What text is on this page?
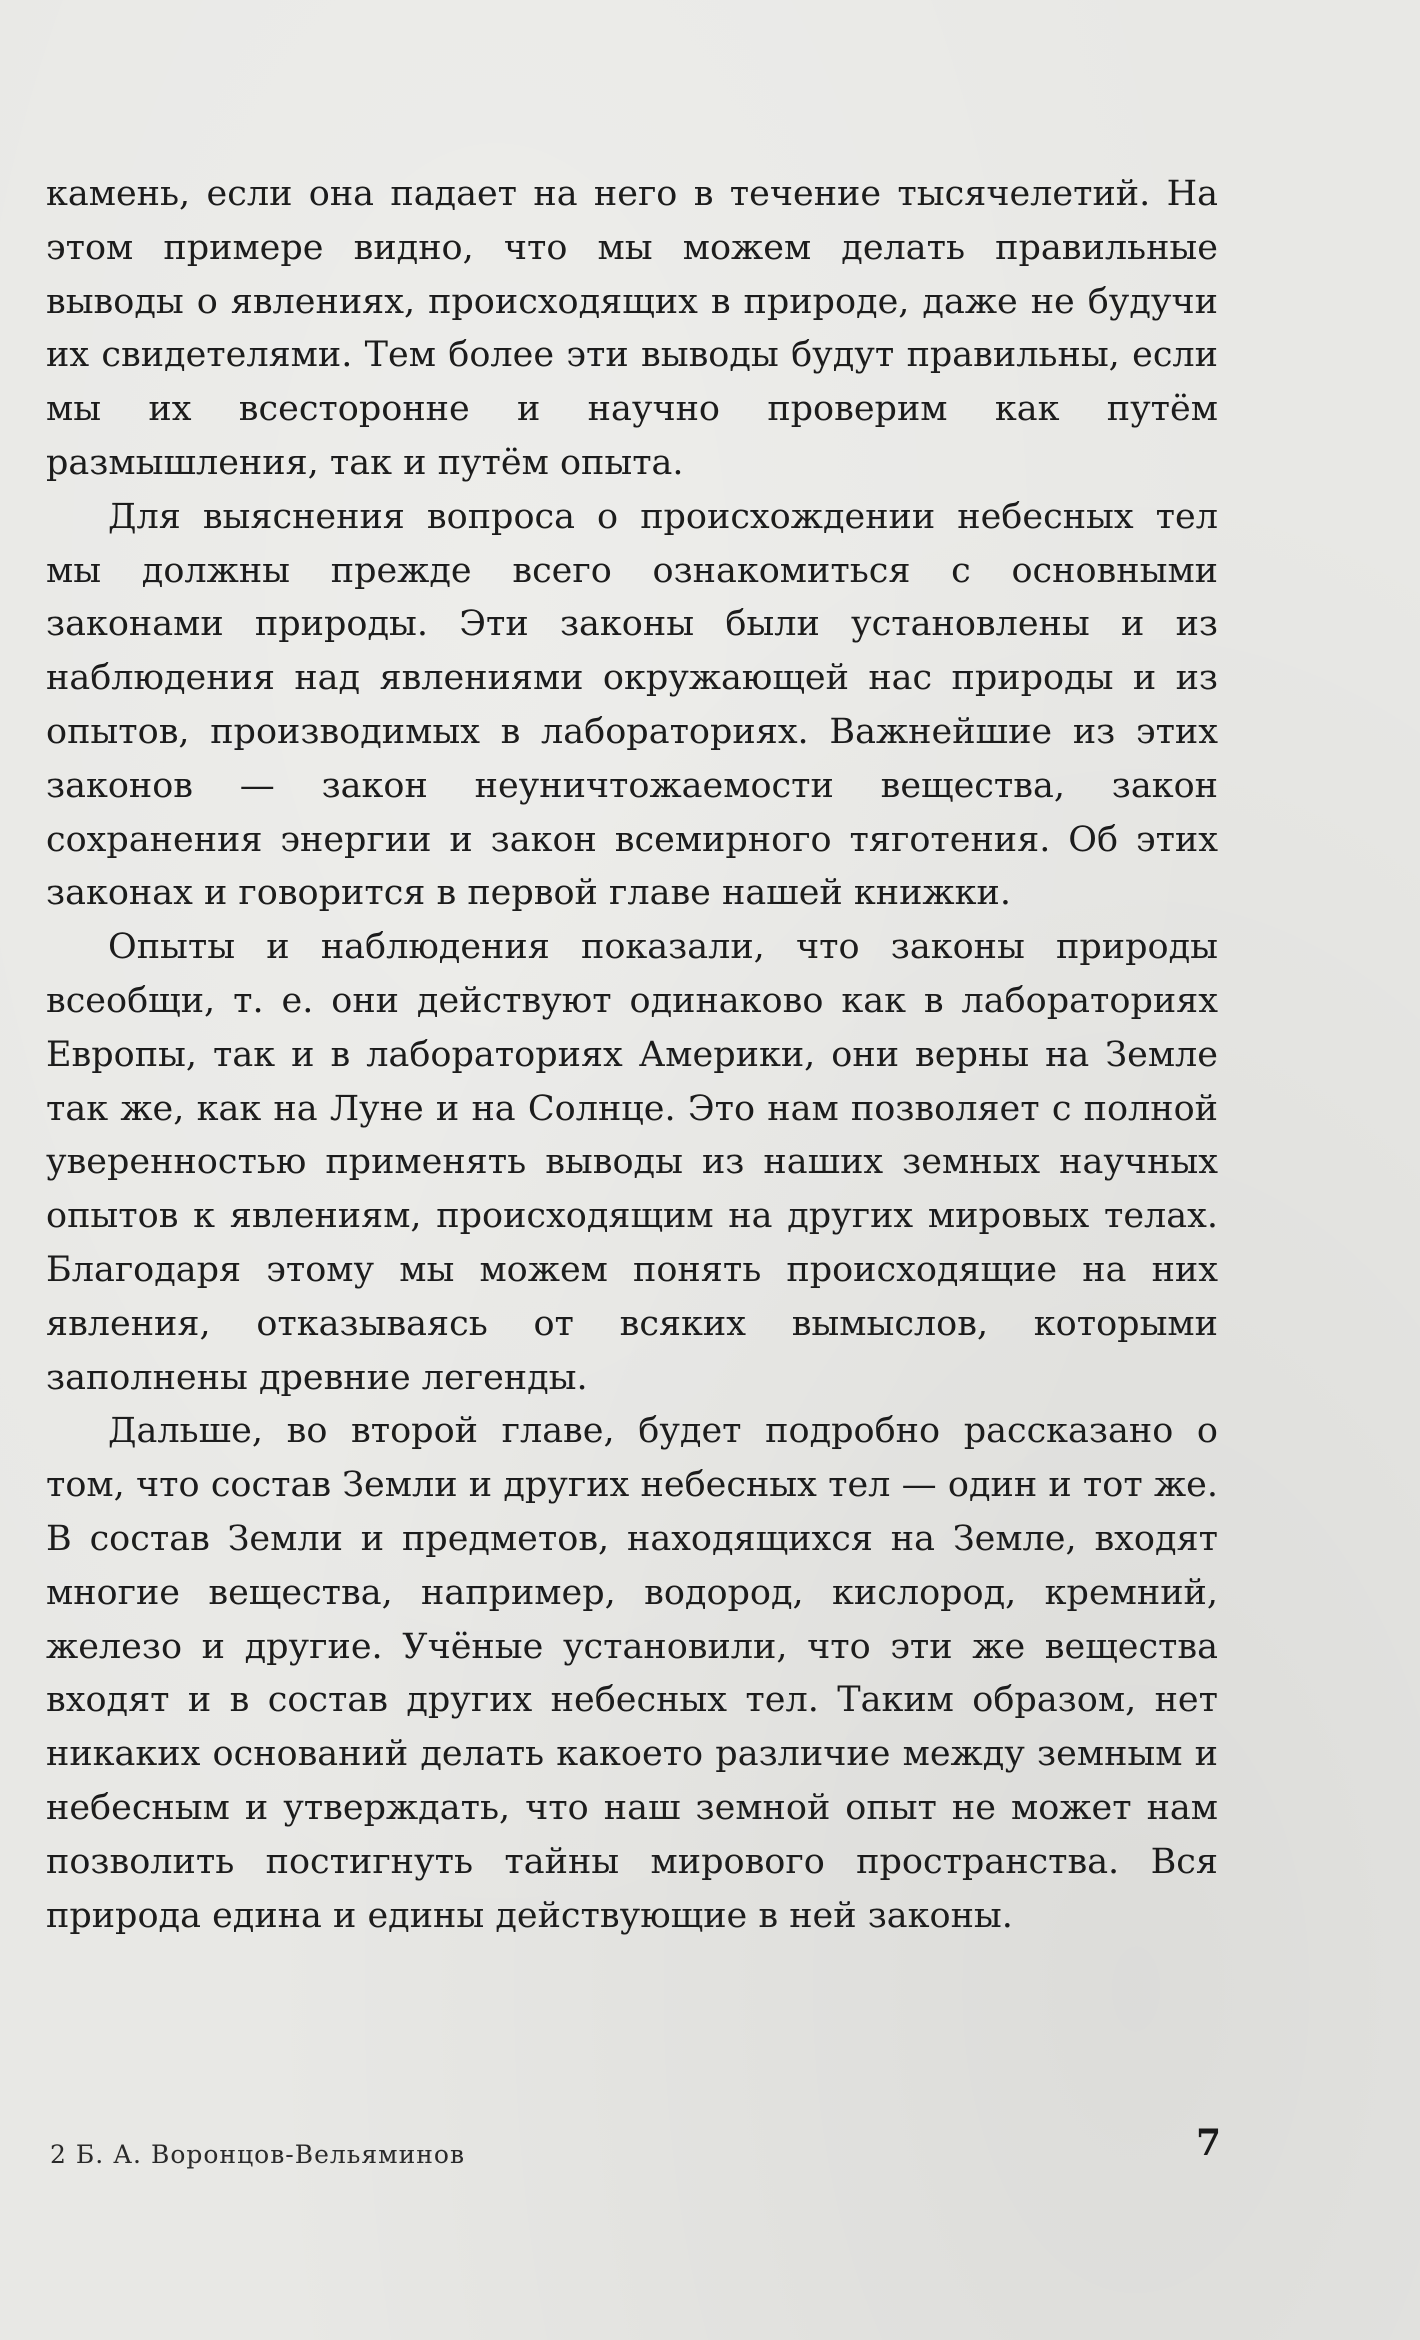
камень, если она падает на него в течение тысячелетий. На этом примере видно, что мы можем делать правильные выводы о явлениях, происходящих в природе, даже не будучи их свидетелями. Тем более эти выводы будут правильны, если мы их всесторонне и научно проверим как путём размышления, так и путём опыта.

Для выяснения вопроса о происхождении небесных тел мы должны прежде всего ознакомиться с основными законами природы. Эти законы были установлены и из наблюдения над явлениями окружающей нас природы и из опытов, производимых в лабораториях. Важнейшие из этих законов — закон неуничтожаемости вещества, закон сохранения энергии и закон всемирного тяготения. Об этих законах и говорится в первой главе нашей книжки.

Опыты и наблюдения показали, что законы природы всеобщи, т. е. они действуют одинаково как в лабораториях Европы, так и в лабораториях Америки, они верны на Земле так же, как на Луне и на Солнце. Это нам позволяет с полной уверенностью применять выводы из наших земных научных опытов к явлениям, происходящим на других мировых телах. Благодаря этому мы можем понять происходящие на них явления, отказываясь от всяких вымыслов, которыми заполнены древние легенды.

Дальше, во второй главе, будет подробно рассказано о том, что состав Земли и других небесных тел — один и тот же. В состав Земли и предметов, находящихся на Земле, входят многие вещества, например, водород, кислород, кремний, железо и другие. Учёные установили, что эти же вещества входят и в состав других небесных тел. Таким образом, нет никаких оснований делать какоето различие между земным и небесным и утверждать, что наш земной опыт не может нам позволить постигнуть тайны мирового пространства. Вся природа едина и едины действующие в ней законы.

2 Б. А. Воронцов-Вельяминов	7
